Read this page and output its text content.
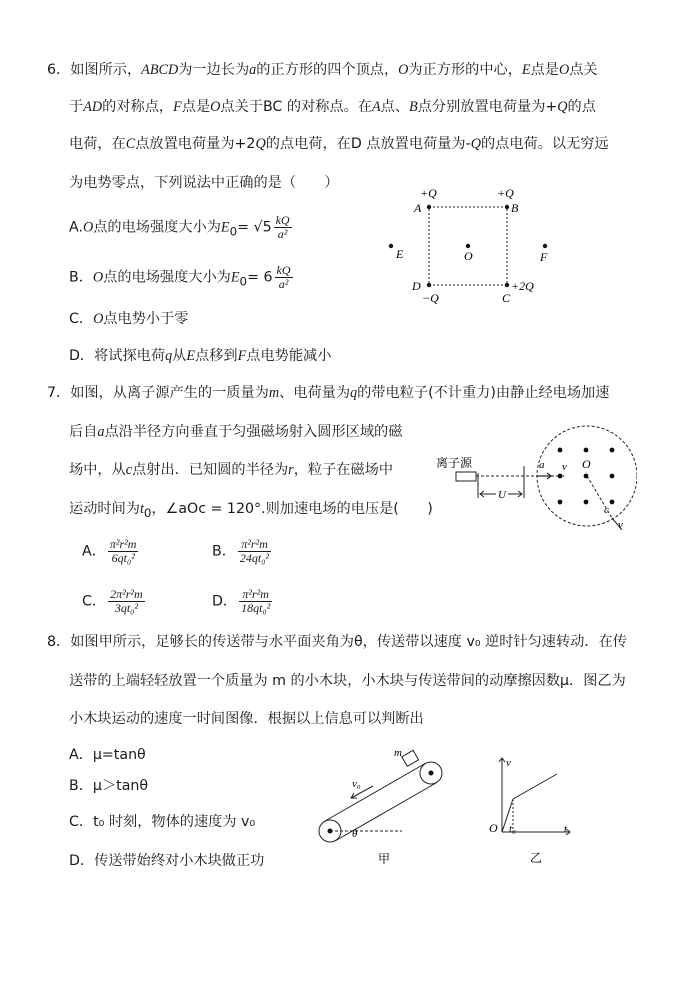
6．如图所示，ABCD为一边长为a的正方形的四个顶点，O为正方形的中心，E点是O点关
于AD的对称点，F点是O点关于BC 的对称点。在A点、B点分别放置电荷量为+Q的点
电荷，在C点放置电荷量为+2Q的点电荷，在D 点放置电荷量为-Q的点电荷。以无穷远
为电势零点，下列说法中正确的是（　　）
A.O点的电场强度大小为$E_0= √5 \frac{kQ}{\text{a²}}$
B．O点的电场强度大小为$E_0= 6 \frac{kQ}{\text{a²}}$
C．O点电势小于零
D．将试探电荷q从E点移到F点电势能减小
+Q	+Q
A	B
O
E	F
D
−Q
+2Q
C
7．如图，从离子源产生的一质量为m、电荷量为q的带电粒子(不计重力)由静止经电场加速
后自a点沿半径方向垂直于匀强磁场射入圆形区域的磁
场中，从c点射出．已知圆的半径为r，粒子在磁场中
运动时间为$t_0$，∠aOc = 120°.则加速电场的电压是(　　)
A． $\frac{\text{π²r²m}}{\text{6qt₀²}}$	B． $\frac{\text{π²r²m}}{\text{24qt₀²}}$
C． $\frac{\text{2π²r²m}}{\text{3qt₀²}}$	D． $\frac{\text{π²r²m}}{\text{18qt₀²}}$
离子源
U
a v O
c
v
8．如图甲所示，足够长的传送带与水平面夹角为θ，传送带以速度 v₀ 逆时针匀速转动．在传
送带的上端轻轻放置一个质量为 m 的小木块，小木块与传送带间的动摩擦因数μ．图乙为
小木块运动的速度一时间图像．根据以上信息可以判断出
A．μ=tanθ
B．μ＞tanθ
C．t₀ 时刻，物体的速度为 v₀
D．传送带始终对小木块做正功
m
v₀
θ
甲
v
O t₀	t
乙
